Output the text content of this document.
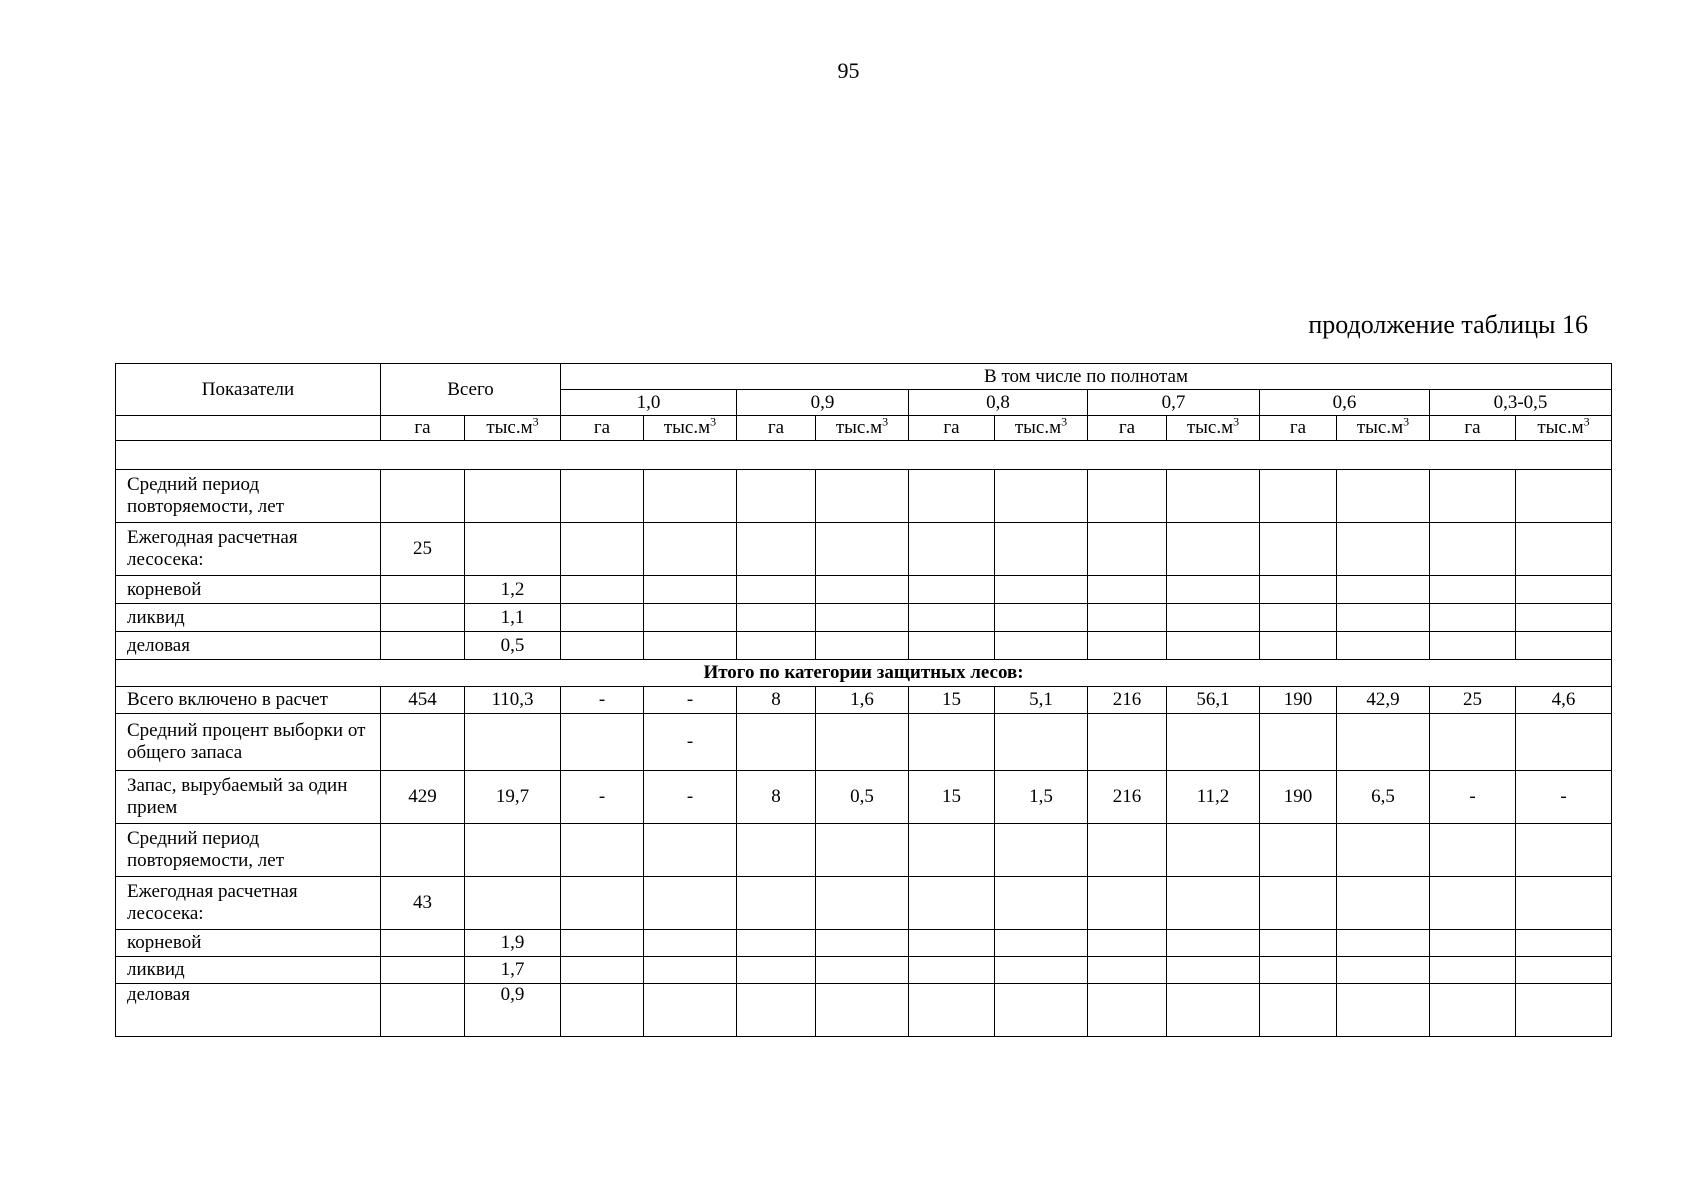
95
продолжение таблицы 16
Показатели	Всего		В том числе по полнотам											
			1,0		0,9		0,8		0,7		0,6		0,3-0,5	
	га	$тыс.м^3$	га	$тыс.м^3$	га	$тыс.м^3$	га	$тыс.м^3$	га	$тыс.м^3$	га	$тыс.м^3$	га	$тыс.м^3$

Средний период повторяемости, лет														
Ежегодная расчетная лесосека:	25													
корневой		1,2												
ликвид		1,1												
деловая		0,5												
Итого по категории защитных лесов:														
Всего включено в расчет	454	110,3	-	-	8	1,6	15	5,1	216	56,1	190	42,9	25	4,6
Средний процент выборки от общего запаса				-										
Запас, вырубаемый за один прием	429	19,7	-	-	8	0,5	15	1,5	216	11,2	190	6,5	-	-
Средний период повторяемости, лет														
Ежегодная расчетная лесосека:	43													
корневой		1,9												
ликвид		1,7												
деловая		0,9												
